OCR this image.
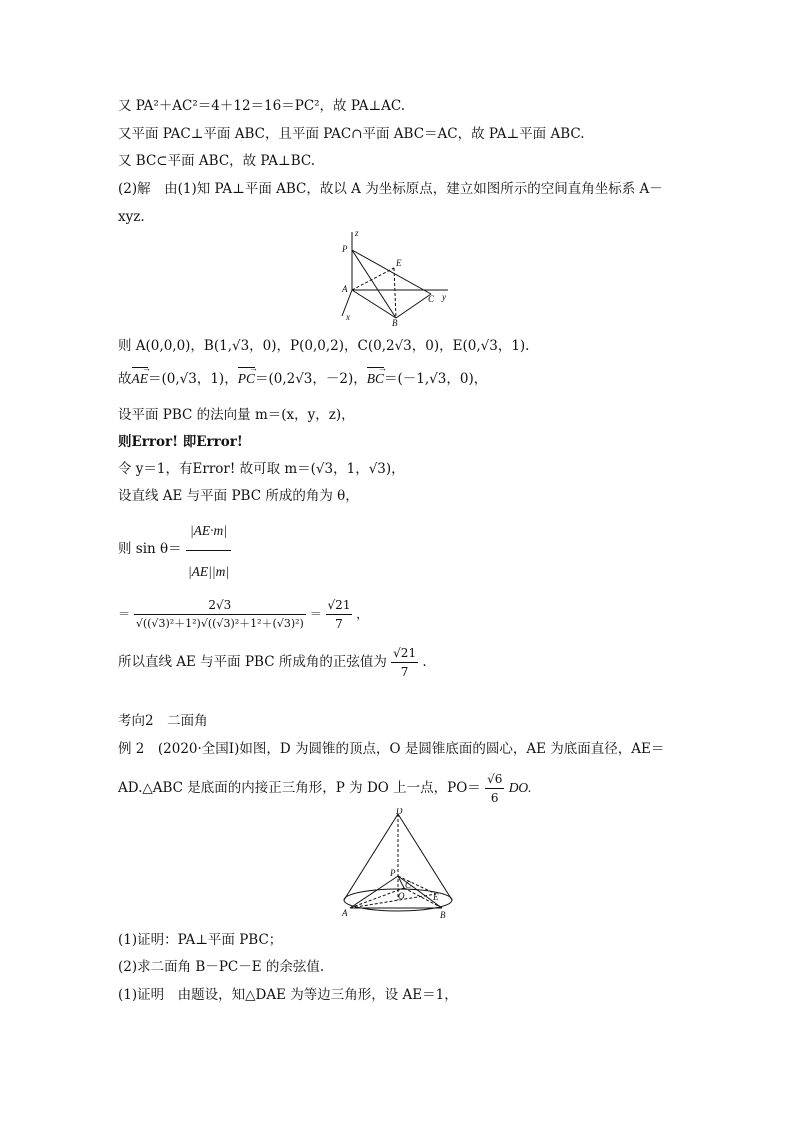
又 PA²＋AC²＝4＋12＝16＝PC²，故 PA⊥AC.
又平面 PAC⊥平面 ABC，且平面 PAC∩平面 ABC＝AC，故 PA⊥平面 ABC.
又 BC⊂平面 ABC，故 PA⊥BC.
(2)解　由(1)知 PA⊥平面 ABC，故以 A 为坐标原点，建立如图所示的空间直角坐标系 A－
xyz.
P
z
E
A
C y
x
B
则 A(0,0,0)，B(1,√3，0)，P(0,0,2)，C(0,2√3，0)，E(0,√3，1).
故AE →＝(0,√3，1)，PC →＝(0,2√3，－2)，BC →＝(－1,√3，0)，
设平面 PBC 的法向量 m＝(x，y，z)，
则Error! 即Error!
令 y＝1，有Error! 故可取 m＝(√3，1，√3)，
设直线 AE 与平面 PBC 所成的角为 θ，
则 $\sin \theta= \frac{|AE\cdot m|}{|AE||m|}$
＝ $\frac{2√3}{\text{√((√3)²＋1²)√((√3)²＋1²＋(√3)²)}} = \frac{√21}{7}$ ，
所以直线 AE 与平面 PBC 所成角的正弦值为 $\frac{√21}{7}$ .
考向2　二面角
例 2　(2020·全国Ⅰ)如图，D 为圆锥的顶点，O 是圆锥底面的圆心，AE 为底面直径，AE＝
AD.△ABC 是底面的内接正三角形，P 为 DO 上一点，$PO= \frac{√6}{6}$ DO.
D
P
C
O
A
E
B
(1)证明：PA⊥平面 PBC；
(2)求二面角 B－PC－E 的余弦值.
(1)证明　由题设，知△DAE 为等边三角形，设 AE＝1，
